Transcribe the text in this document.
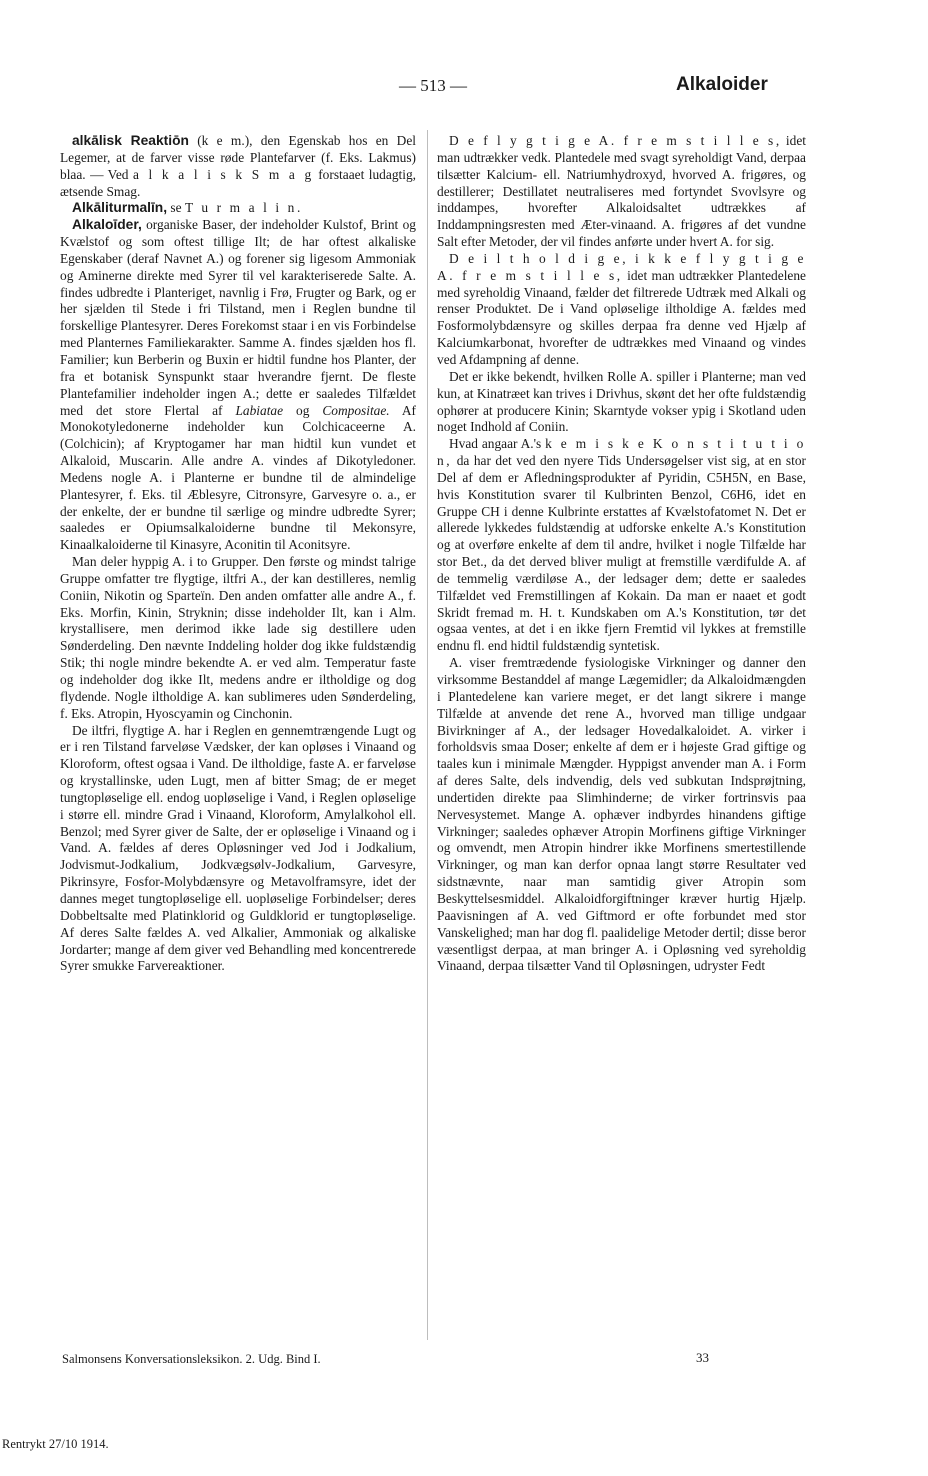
— 513 —	Alkaloider

alkālisk Reaktiōn (k e m.), den Egenskab hos en Del Legemer, at de farver visse røde Plantefarver (f. Eks. Lakmus) blaa. — Ved a l k a l i s k S m a g forstaaet ludagtig, ætsende Smag.

Alkāliturmalīn, se T u r m a l i n.

Alkaloīder, organiske Baser, der indeholder Kulstof, Brint og Kvælstof og som oftest tillige Ilt; de har oftest alkaliske Egenskaber (deraf Navnet A.) og forener sig ligesom Ammoniak og Aminerne direkte med Syrer til vel karakteriserede Salte. A. findes udbredte i Planteriget, navnlig i Frø, Frugter og Bark, og er her sjælden til Stede i fri Tilstand, men i Reglen bundne til forskellige Plantesyrer. Deres Forekomst staar i en vis Forbindelse med Planternes Familiekarakter. Samme A. findes sjælden hos fl. Familier; kun Berberin og Buxin er hidtil fundne hos Planter, der fra et botanisk Synspunkt staar hverandre fjernt. De fleste Plantefamilier indeholder ingen A.; dette er saaledes Tilfældet med det store Flertal af Labiatae og Compositae. Af Monokotyledonerne indeholder kun Colchicaceerne A. (Colchicin); af Kryptogamer har man hidtil kun vundet et Alkaloid, Muscarin. Alle andre A. vindes af Dikotyledoner. Medens nogle A. i Planterne er bundne til de almindelige Plantesyrer, f. Eks. til Æblesyre, Citronsyre, Garvesyre o. a., er der enkelte, der er bundne til særlige og mindre udbredte Syrer; saaledes er Opiumsalkaloiderne bundne til Mekonsyre, Kinaalkaloiderne til Kinasyre, Aconitin til Aconitsyre.

Man deler hyppig A. i to Grupper. Den første og mindst talrige Gruppe omfatter tre flygtige, iltfri A., der kan destilleres, nemlig Coniin, Nikotin og Sparteïn. Den anden omfatter alle andre A., f. Eks. Morfin, Kinin, Stryknin; disse indeholder Ilt, kan i Alm. krystallisere, men derimod ikke lade sig destillere uden Sønderdeling. Den nævnte Inddeling holder dog ikke fuldstændig Stik; thi nogle mindre bekendte A. er ved alm. Temperatur faste og indeholder dog ikke Ilt, medens andre er iltholdige og dog flydende. Nogle iltholdige A. kan sublimeres uden Sønderdeling, f. Eks. Atropin, Hyoscyamin og Cinchonin.

De iltfri, flygtige A. har i Reglen en gennemtrængende Lugt og er i ren Tilstand farveløse Vædsker, der kan opløses i Vinaand og Kloroform, oftest ogsaa i Vand. De iltholdige, faste A. er farveløse og krystallinske, uden Lugt, men af bitter Smag; de er meget tungtopløselige ell. endog uopløselige i Vand, i Reglen opløselige i større ell. mindre Grad i Vinaand, Kloroform, Amylalkohol ell. Benzol; med Syrer giver de Salte, der er opløselige i Vinaand og i Vand. A. fældes af deres Opløsninger ved Jod i Jodkalium, Jodvismut-Jodkalium, Jodkvægsølv-Jodkalium, Garvesyre, Pikrinsyre, Fosfor-Molybdænsyre og Metavolframsyre, idet der dannes meget tungtopløselige ell. uopløselige Forbindelser; deres Dobbeltsalte med Platinklorid og Guldklorid er tungtopløselige. Af deres Salte fældes A. ved Alkalier, Ammoniak og alkaliske Jordarter; mange af dem giver ved Behandling med koncentrerede Syrer smukke Farvereaktioner.

D e f l y g t i g e A. f r e m s t i l l e s, idet man udtrækker vedk. Plantedele med svagt syreholdigt Vand, derpaa tilsætter Kalcium- ell. Natriumhydroxyd, hvorved A. frigøres, og destillerer; Destillatet neutraliseres med fortyndet Svovlsyre og inddampes, hvorefter Alkaloidsaltet udtrækkes af Inddampningsresten med Æter-vinaand. A. frigøres af det vundne Salt efter Metoder, der vil findes anførte under hvert A. for sig.

D e i l t h o l d i g e, i k k e f l y g t i g e A. f r e m s t i l l e s, idet man udtrækker Plantedelene med syreholdig Vinaand, fælder det filtrerede Udtræk med Alkali og renser Produktet. De i Vand opløselige iltholdige A. fældes med Fosformolybdænsyre og skilles derpaa fra denne ved Hjælp af Kalciumkarbonat, hvorefter de udtrækkes med Vinaand og vindes ved Afdampning af denne.

Det er ikke bekendt, hvilken Rolle A. spiller i Planterne; man ved kun, at Kinatræet kan trives i Drivhus, skønt det her ofte fuldstændig ophører at producere Kinin; Skarntyde vokser ypig i Skotland uden noget Indhold af Coniin.

Hvad angaar A.'s k e m i s k e K o n s t i t u t i o n, da har det ved den nyere Tids Undersøgelser vist sig, at en stor Del af dem er Afledningsprodukter af Pyridin, C5H5N, en Base, hvis Konstitution svarer til Kulbrinten Benzol, C6H6, idet en Gruppe CH i denne Kulbrinte erstattes af Kvælstofatomet N. Det er allerede lykkedes fuldstændig at udforske enkelte A.'s Konstitution og at overføre enkelte af dem til andre, hvilket i nogle Tilfælde har stor Bet., da det derved bliver muligt at fremstille værdifulde A. af de temmelig værdiløse A., der ledsager dem; dette er saaledes Tilfældet ved Fremstillingen af Kokain. Da man er naaet et godt Skridt fremad m. H. t. Kundskaben om A.'s Konstitution, tør det ogsaa ventes, at det i en ikke fjern Fremtid vil lykkes at fremstille endnu fl. end hidtil fuldstændig syntetisk.

A. viser fremtrædende fysiologiske Virkninger og danner den virksomme Bestanddel af mange Lægemidler; da Alkaloidmængden i Plantedelene kan variere meget, er det langt sikrere i mange Tilfælde at anvende det rene A., hvorved man tillige undgaar Bivirkninger af A., der ledsager Hovedalkaloidet. A. virker i forholdsvis smaa Doser; enkelte af dem er i højeste Grad giftige og taales kun i minimale Mængder. Hyppigst anvender man A. i Form af deres Salte, dels indvendig, dels ved subkutan Indsprøjtning, undertiden direkte paa Slimhinderne; de virker fortrinsvis paa Nervesystemet. Mange A. ophæver indbyrdes hinandens giftige Virkninger; saaledes ophæver Atropin Morfinens giftige Virkninger og omvendt, men Atropin hindrer ikke Morfinens smertestillende Virkninger, og man kan derfor opnaa langt større Resultater ved sidstnævnte, naar man samtidig giver Atropin som Beskyttelsesmiddel. Alkaloidforgiftninger kræver hurtig Hjælp. Paavisningen af A. ved Giftmord er ofte forbundet med stor Vanskelighed; man har dog fl. paalidelige Metoder dertil; disse beror væsentligst derpaa, at man bringer A. i Opløsning ved syreholdig Vinaand, derpaa tilsætter Vand til Opløsningen, udryster Fedt

Salmonsens Konversationsleksikon. 2. Udg. Bind I.	33
Rentrykt 27/10 1914.
